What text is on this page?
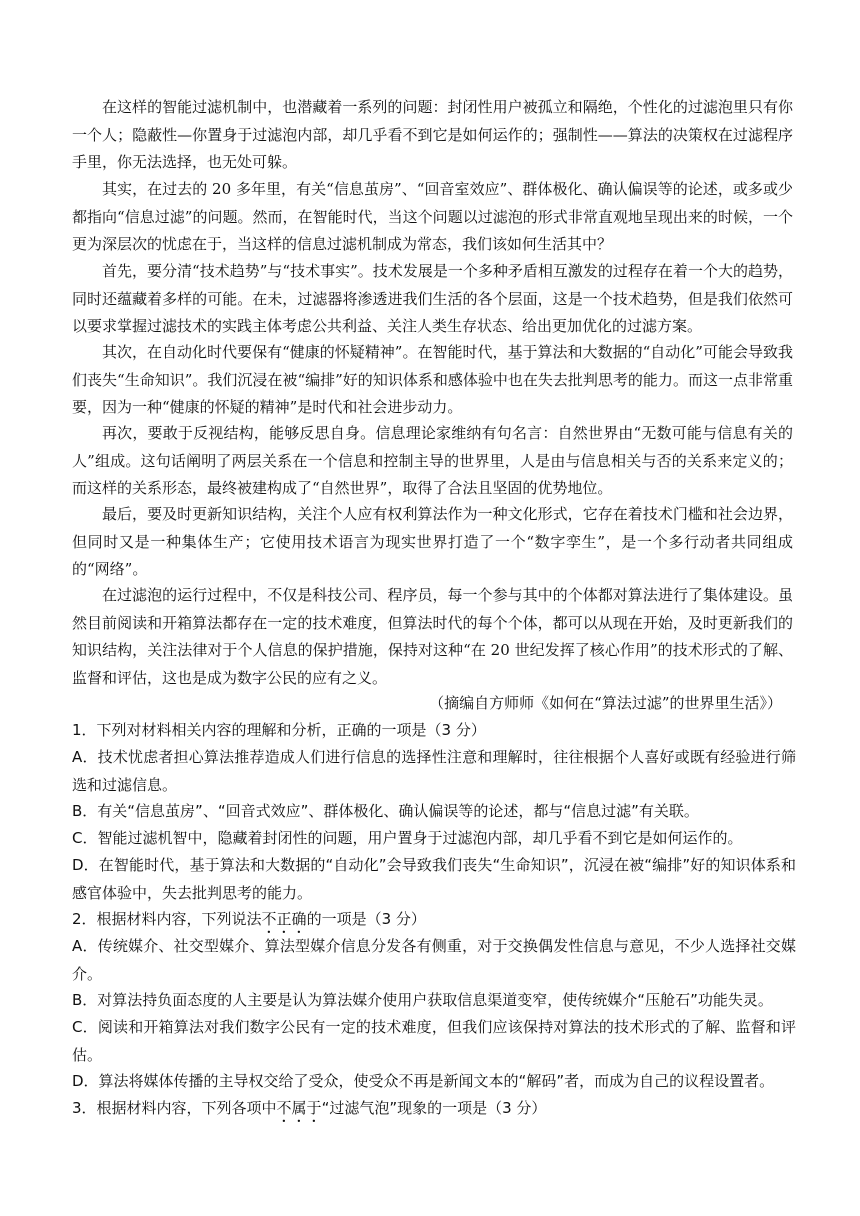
在这样的智能过滤机制中，也潜藏着一系列的问题：封闭性用户被孤立和隔绝，个性化的过滤泡里只有你一个人；隐蔽性—你置身于过滤泡内部，却几乎看不到它是如何运作的；强制性——算法的决策权在过滤程序手里，你无法选择，也无处可躲。

其实，在过去的 20 多年里，有关“信息茧房”、“回音室效应”、群体极化、确认偏误等的论述，或多或少都指向“信息过滤”的问题。然而，在智能时代，当这个问题以过滤泡的形式非常直观地呈现出来的时候，一个更为深层次的忧虑在于，当这样的信息过滤机制成为常态，我们该如何生活其中？

首先，要分清“技术趋势”与“技术事实”。技术发展是一个多种矛盾相互激发的过程存在着一个大的趋势，同时还蕴藏着多样的可能。在未，过滤器将渗透进我们生活的各个层面，这是一个技术趋势，但是我们依然可以要求掌握过滤技术的实践主体考虑公共利益、关注人类生存状态、给出更加优化的过滤方案。

其次，在自动化时代要保有“健康的怀疑精神”。在智能时代，基于算法和大数据的“自动化”可能会导致我们丧失“生命知识”。我们沉浸在被“编排”好的知识体系和感体验中也在失去批判思考的能力。而这一点非常重要，因为一种“健康的怀疑的精神”是时代和社会进步动力。

再次，要敢于反视结构，能够反思自身。信息理论家维纳有句名言：自然世界由“无数可能与信息有关的人”组成。这句话阐明了两层关系在一个信息和控制主导的世界里，人是由与信息相关与否的关系来定义的；而这样的关系形态，最终被建构成了“自然世界”，取得了合法且坚固的优势地位。

最后，要及时更新知识结构，关注个人应有权利算法作为一种文化形式，它存在着技术门槛和社会边界，但同时又是一种集体生产；它使用技术语言为现实世界打造了一个“数字孪生”，是一个多行动者共同组成的“网络”。

在过滤泡的运行过程中，不仅是科技公司、程序员，每一个参与其中的个体都对算法进行了集体建设。虽然目前阅读和开箱算法都存在一定的技术难度，但算法时代的每个个体，都可以从现在开始，及时更新我们的知识结构，关注法律对于个人信息的保护措施，保持对这种“在 20 世纪发挥了核心作用”的技术形式的了解、监督和评估，这也是成为数字公民的应有之义。

（摘编自方师师《如何在“算法过滤”的世界里生活》）

1．下列对材料相关内容的理解和分析，正确的一项是（3 分）

A．技术忧虑者担心算法推荐造成人们进行信息的选择性注意和理解时，往往根据个人喜好或既有经验进行筛选和过滤信息。

B．有关“信息茧房”、“回音式效应”、群体极化、确认偏误等的论述，都与“信息过滤”有关联。

C．智能过滤机智中，隐藏着封闭性的问题，用户置身于过滤泡内部，却几乎看不到它是如何运作的。

D．在智能时代，基于算法和大数据的“自动化”会导致我们丧失“生命知识”，沉浸在被“编排”好的知识体系和感官体验中，失去批判思考的能力。

2．根据材料内容，下列说法不正确的一项是（3 分）

A．传统媒介、社交型媒介、算法型媒介信息分发各有侧重，对于交换偶发性信息与意见，不少人选择社交媒介。

B．对算法持负面态度的人主要是认为算法媒介使用户获取信息渠道变窄，使传统媒介“压舱石”功能失灵。

C．阅读和开箱算法对我们数字公民有一定的技术难度，但我们应该保持对算法的技术形式的了解、监督和评估。

D．算法将媒体传播的主导权交给了受众，使受众不再是新闻文本的“解码”者，而成为自己的议程设置者。

3．根据材料内容，下列各项中不属于“过滤气泡”现象的一项是（3 分）
